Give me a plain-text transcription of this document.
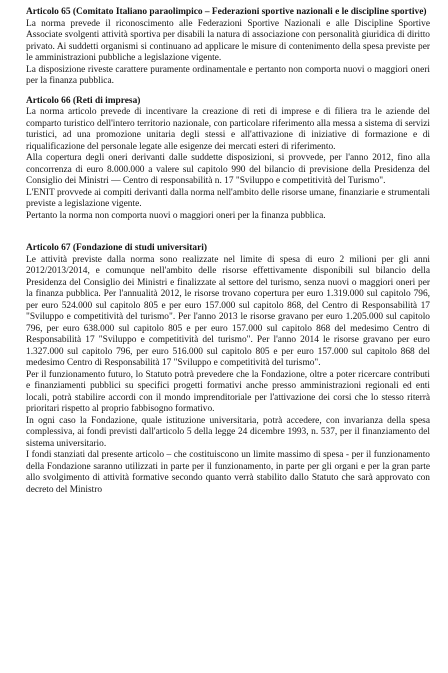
Articolo 65 (Comitato Italiano paraolimpico – Federazioni sportive nazionali e le discipline sportive)

La norma prevede il riconoscimento alle Federazioni Sportive Nazionali e alle Discipline Sportive Associate svolgenti attività sportiva per disabili la natura di associazione con personalità giuridica di diritto privato. Ai suddetti organismi si continuano ad applicare le misure di contenimento della spesa previste per le amministrazioni pubbliche a legislazione vigente.

La disposizione riveste carattere puramente ordinamentale e pertanto non comporta nuovi o maggiori oneri per la finanza pubblica.

Articolo 66 (Reti di impresa)

La norma articolo prevede di incentivare la creazione di reti di imprese e di filiera tra le aziende del comparto turistico dell'intero territorio nazionale, con particolare riferimento alla messa a sistema di servizi turistici, ad una promozione unitaria degli stessi e all'attivazione di iniziative di formazione e di riqualificazione del personale legate alle esigenze dei mercati esteri di riferimento.

Alla copertura degli oneri derivanti dalle suddette disposizioni, si provvede, per l'anno 2012, fino alla concorrenza di euro 8.000.000 a valere sul capitolo 990 del bilancio di previsione della Presidenza del Consiglio dei Ministri — Centro di responsabilità n. 17 "Sviluppo e competitività del Turismo".

L'ENIT provvede ai compiti derivanti dalla norma nell'ambito delle risorse umane, finanziarie e strumentali previste a legislazione vigente.

Pertanto la norma non comporta nuovi o maggiori oneri per la finanza pubblica.

Articolo 67 (Fondazione di studi universitari)

Le attività previste dalla norma sono realizzate nel limite di spesa di euro 2 milioni per gli anni 2012/2013/2014, e comunque nell'ambito delle risorse effettivamente disponibili sul bilancio della Presidenza del Consiglio dei Ministri e finalizzate al settore del turismo, senza nuovi o maggiori oneri per la finanza pubblica. Per l'annualità 2012, le risorse trovano copertura per euro 1.319.000 sul capitolo 796, per euro 524.000 sul capitolo 805 e per euro 157.000 sul capitolo 868, del Centro di Responsabilità 17 "Sviluppo e competitività del turismo". Per l'anno 2013 le risorse gravano per euro 1.205.000 sul capitolo 796, per euro 638.000 sul capitolo 805 e per euro 157.000 sul capitolo 868 del medesimo Centro di Responsabilità 17 "Sviluppo e competitività del turismo". Per l'anno 2014 le risorse gravano per euro 1.327.000 sul capitolo 796, per euro 516.000 sul capitolo 805 e per euro 157.000 sul capitolo 868 del medesimo Centro di Responsabilità 17 "Sviluppo e competitività del turismo".

Per il funzionamento futuro, lo Statuto potrà prevedere che la Fondazione, oltre a poter ricercare contributi e finanziamenti pubblici su specifici progetti formativi anche presso amministrazioni regionali ed enti locali, potrà stabilire accordi con il mondo imprenditoriale per l'attivazione dei corsi che lo stesso riterrà prioritari rispetto al proprio fabbisogno formativo.

In ogni caso la Fondazione, quale istituzione universitaria, potrà accedere, con invarianza della spesa complessiva, ai fondi previsti dall'articolo 5 della legge 24 dicembre 1993, n. 537, per il finanziamento del sistema universitario.

I fondi stanziati dal presente articolo – che costituiscono un limite massimo di spesa - per il funzionamento della Fondazione saranno utilizzati in parte per il funzionamento, in parte per gli organi e per la gran parte allo svolgimento di attività formative secondo quanto verrà stabilito dallo Statuto che sarà approvato con decreto del Ministro
